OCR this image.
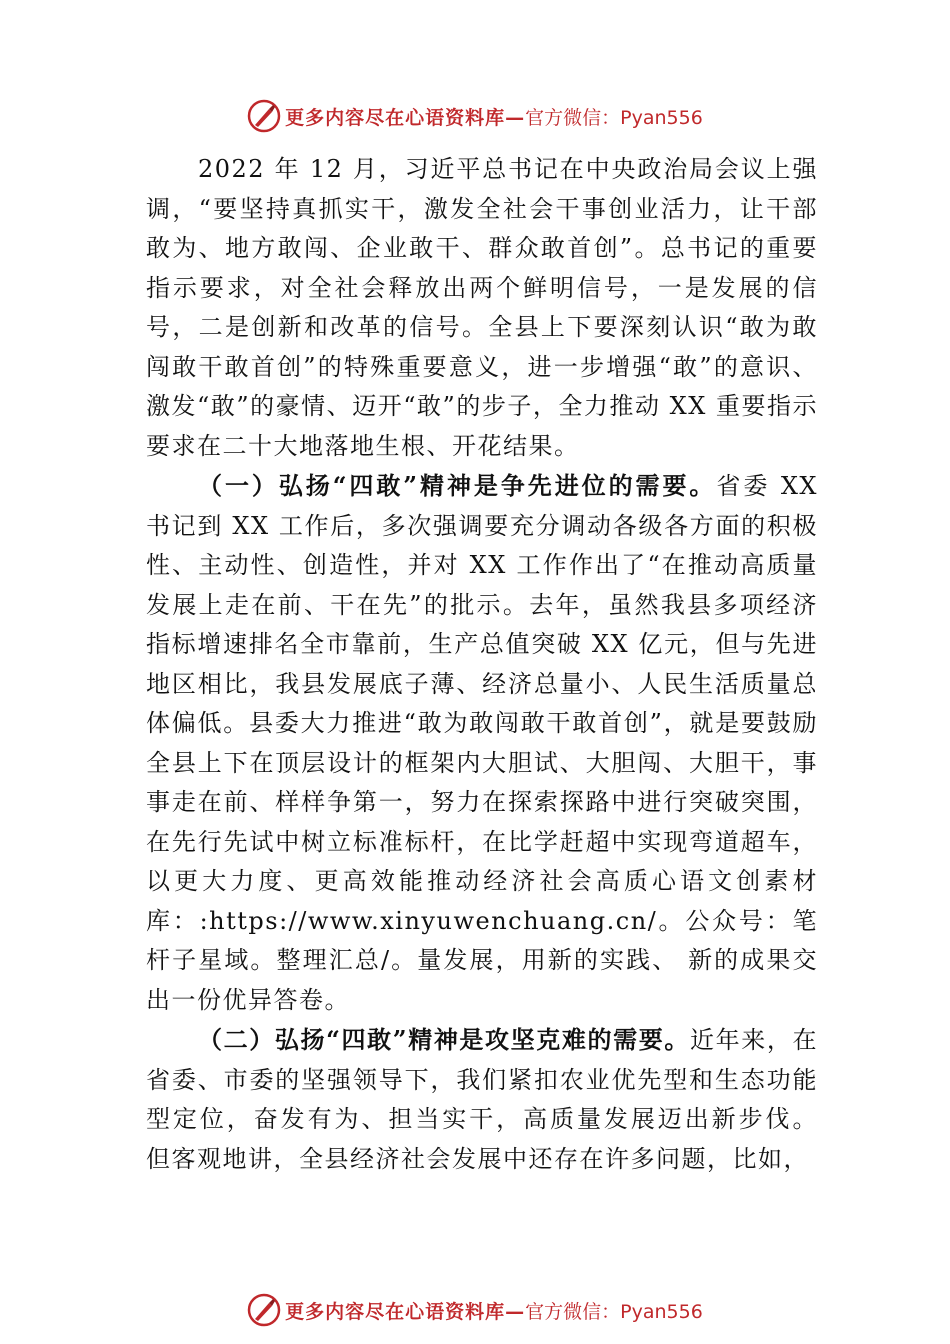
更多内容尽在心语资料库— 官方微信：Pyan556

2022 年 12 月，习近平总书记在中央政治局会议上强调，“要坚持真抓实干，激发全社会干事创业活力，让干部敢为、地方敢闯、企业敢干、群众敢首创”。总书记的重要指示要求，对全社会释放出两个鲜明信号，一是发展的信号，二是创新和改革的信号。全县上下要深刻认识“敢为敢闯敢干敢首创”的特殊重要意义，进一步增强“敢”的意识、激发“敢”的豪情、迈开“敢”的步子，全力推动 XX 重要指示要求在二十大地落地生根、开花结果。

（一）弘扬“四敢”精神是争先进位的需要。省委 XX 书记到 XX 工作后，多次强调要充分调动各级各方面的积极性、主动性、创造性，并对 XX 工作作出了“在推动高质量发展上走在前、干在先”的批示。去年，虽然我县多项经济指标增速排名全市靠前，生产总值突破 XX 亿元，但与先进地区相比，我县发展底子薄、经济总量小、人民生活质量总体偏低。县委大力推进“敢为敢闯敢干敢首创”，就是要鼓励全县上下在顶层设计的框架内大胆试、大胆闯、大胆干，事事走在前、样样争第一，努力在探索探路中进行突破突围，在先行先试中树立标准标杆，在比学赶超中实现弯道超车，以更大力度、更高效能推动经济社会高质心语文创素材库：:https://www.xinyuwenchuang.cn/。公众号：笔杆子星域。整理汇总/。量发展，用新的实践、 新的成果交出一份优异答卷。

（二）弘扬“四敢”精神是攻坚克难的需要。近年来，在省委、市委的坚强领导下，我们紧扣农业优先型和生态功能型定位，奋发有为、担当实干，高质量发展迈出新步伐。 但客观地讲，全县经济社会发展中还存在许多问题，比如，

更多内容尽在心语资料库— 官方微信：Pyan556
